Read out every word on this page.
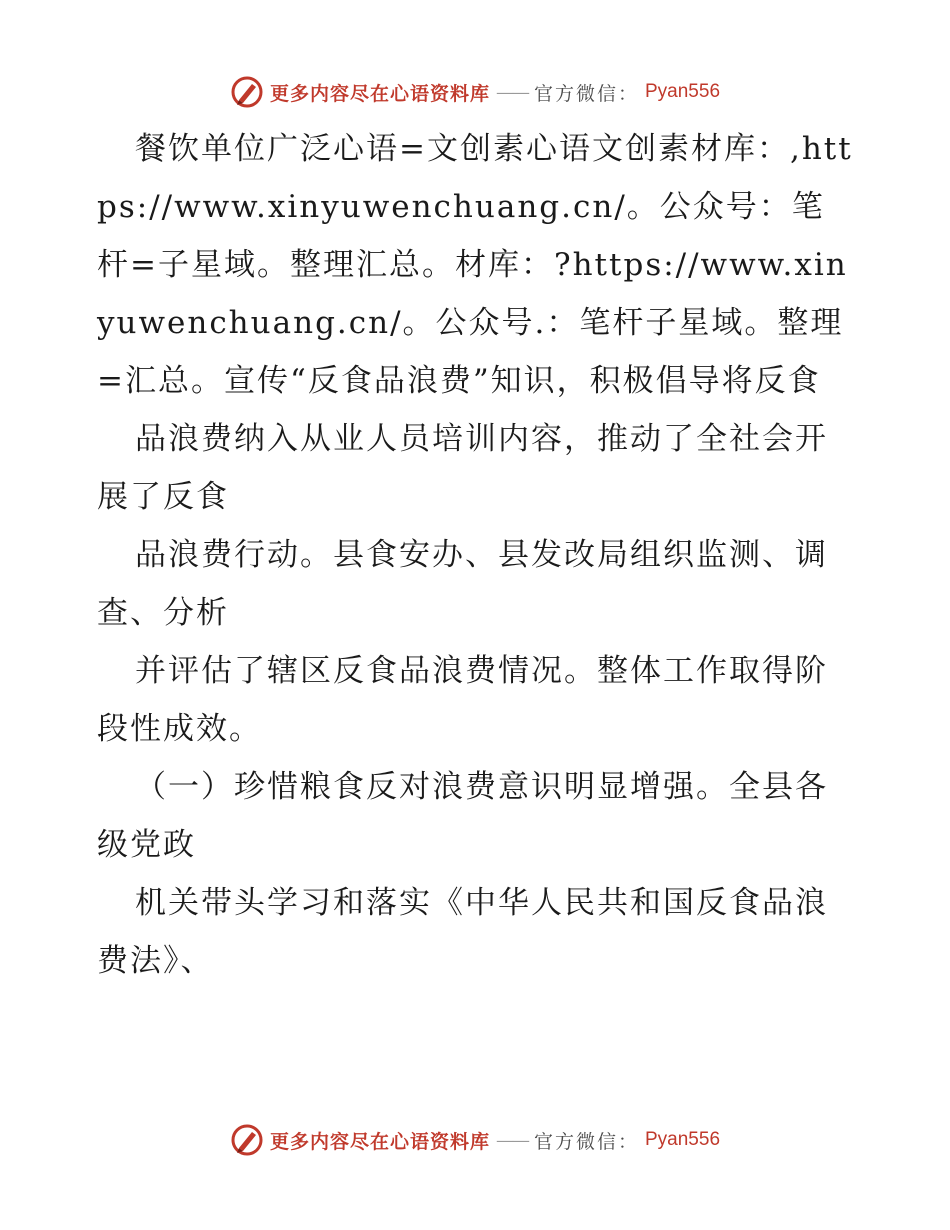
更多内容尽在心语资料库 —— 官方微信： Pyan556

餐饮单位广泛心语=文创素心语文创素材库：,https://www.xinyuwenchuang.cn/。公众号：笔杆=子星域。整理汇总。材库：?https://www.xinyuwenchuang.cn/。公众号.：笔杆子星域。整理=汇总。宣传“反食品浪费”知识，积极倡导将反食

品浪费纳入从业人员培训内容，推动了全社会开展了反食

品浪费行动。县食安办、县发改局组织监测、调查、分析

并评估了辖区反食品浪费情况。整体工作取得阶段性成效。

（一）珍惜粮食反对浪费意识明显增强。全县各级党政

机关带头学习和落实《中华人民共和国反食品浪费法》、

更多内容尽在心语资料库 —— 官方微信： Pyan556
